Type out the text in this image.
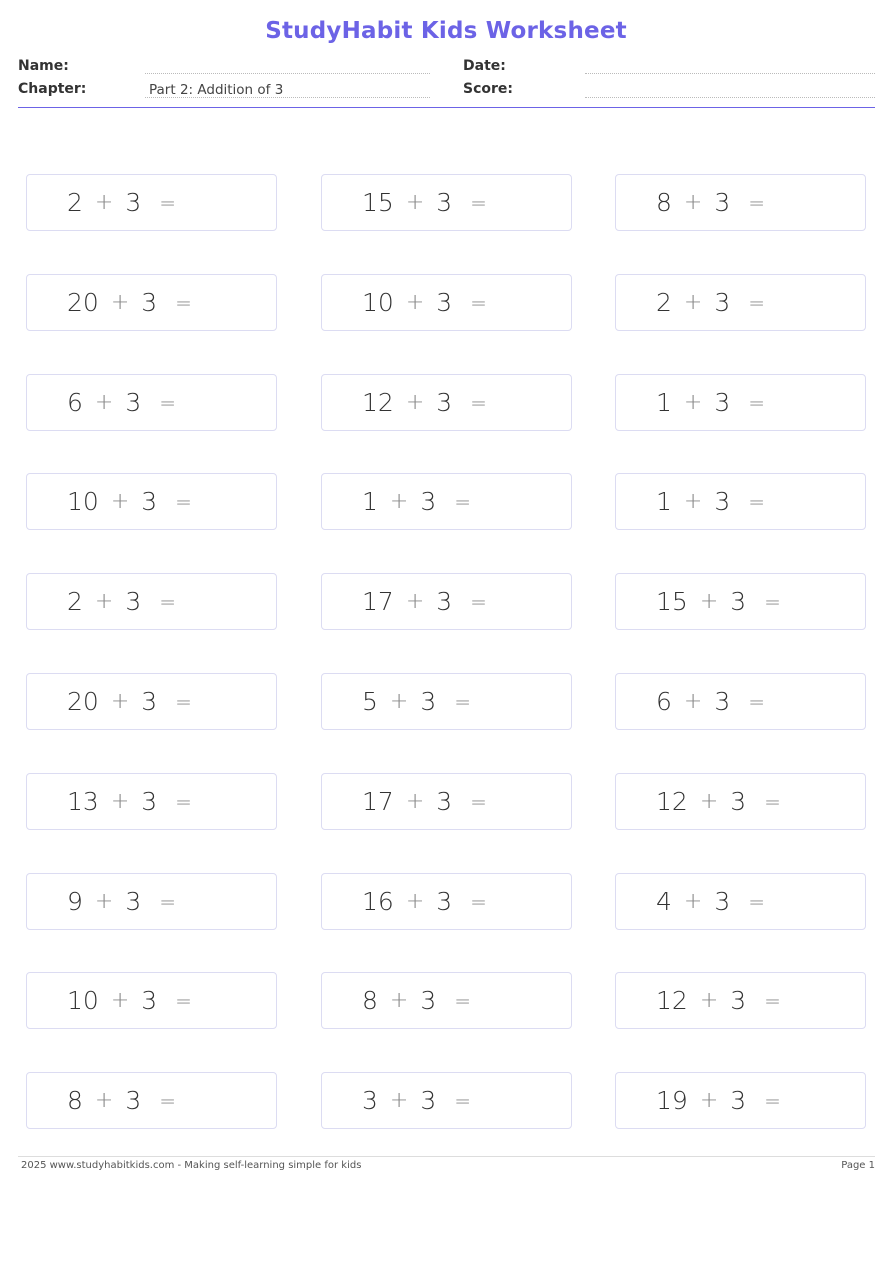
StudyHabit Kids Worksheet
Name:
Chapter:	Part 2: Addition of 3
Date:
Score:
2 + 3 =	15 + 3 =	8 + 3 =
20 + 3 =	10 + 3 =	2 + 3 =
6 + 3 =	12 + 3 =	1 + 3 =
10 + 3 =	1 + 3 =	1 + 3 =
2 + 3 =	17 + 3 =	15 + 3 =
20 + 3 =	5 + 3 =	6 + 3 =
13 + 3 =	17 + 3 =	12 + 3 =
9 + 3 =	16 + 3 =	4 + 3 =
10 + 3 =	8 + 3 =	12 + 3 =
8 + 3 =	3 + 3 =	19 + 3 =
2025 www.studyhabitkids.com - Making self-learning simple for kids	Page 1
